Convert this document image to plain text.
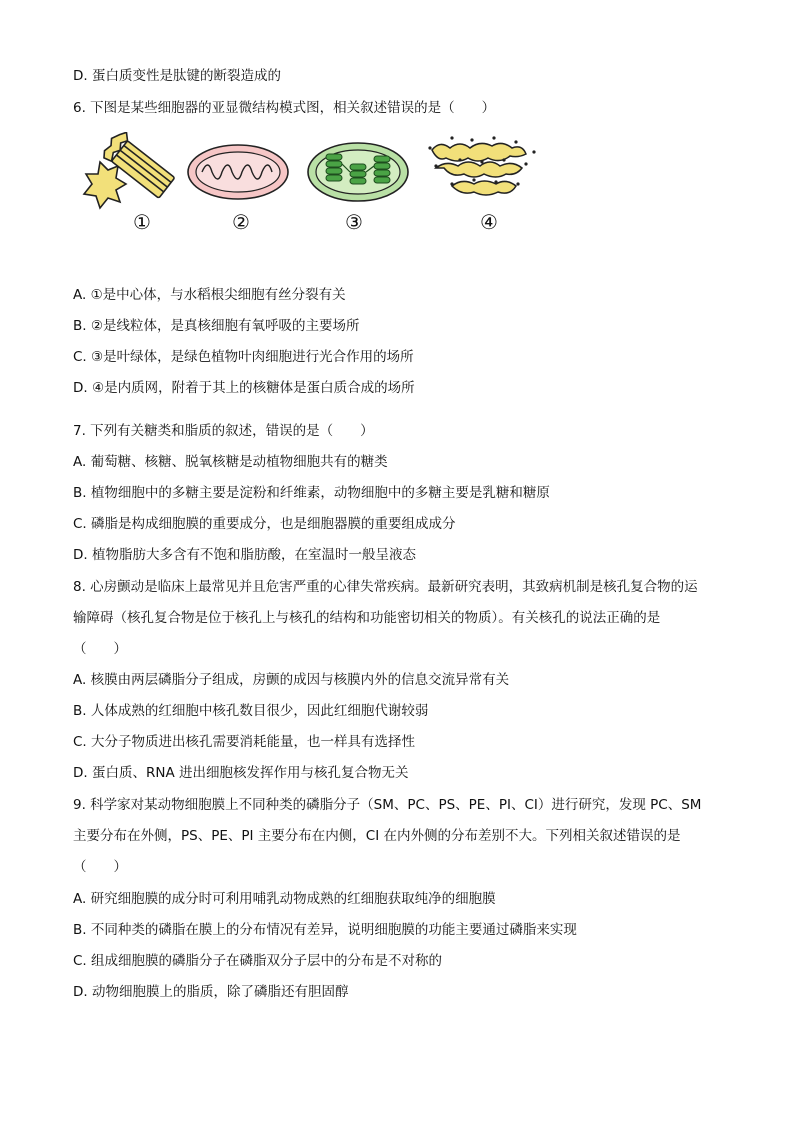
D. 蛋白质变性是肽键的断裂造成的
6. 下图是某些细胞器的亚显微结构模式图，相关叙述错误的是（　　）
①	②	③	④
A. ①是中心体，与水稻根尖细胞有丝分裂有关
B. ②是线粒体，是真核细胞有氧呼吸的主要场所
C. ③是叶绿体，是绿色植物叶肉细胞进行光合作用的场所
D. ④是内质网，附着于其上的核糖体是蛋白质合成的场所
7. 下列有关糖类和脂质的叙述，错误的是（　　）
A. 葡萄糖、核糖、脱氧核糖是动植物细胞共有的糖类
B. 植物细胞中的多糖主要是淀粉和纤维素，动物细胞中的多糖主要是乳糖和糖原
C. 磷脂是构成细胞膜的重要成分，也是细胞器膜的重要组成成分
D. 植物脂肪大多含有不饱和脂肪酸，在室温时一般呈液态
8. 心房颤动是临床上最常见并且危害严重的心律失常疾病。最新研究表明，其致病机制是核孔复合物的运
输障碍（核孔复合物是位于核孔上与核孔的结构和功能密切相关的物质）。有关核孔的说法正确的是
（　　）
A. 核膜由两层磷脂分子组成，房颤的成因与核膜内外的信息交流异常有关
B. 人体成熟的红细胞中核孔数目很少，因此红细胞代谢较弱
C. 大分子物质进出核孔需要消耗能量，也一样具有选择性
D. 蛋白质、RNA 进出细胞核发挥作用与核孔复合物无关
9. 科学家对某动物细胞膜上不同种类的磷脂分子（SM、PC、PS、PE、PI、CI）进行研究，发现 PC、SM
主要分布在外侧，PS、PE、PI 主要分布在内侧，CI 在内外侧的分布差别不大。下列相关叙述错误的是
（　　）
A. 研究细胞膜的成分时可利用哺乳动物成熟的红细胞获取纯净的细胞膜
B. 不同种类的磷脂在膜上的分布情况有差异，说明细胞膜的功能主要通过磷脂来实现
C. 组成细胞膜的磷脂分子在磷脂双分子层中的分布是不对称的
D. 动物细胞膜上的脂质，除了磷脂还有胆固醇
